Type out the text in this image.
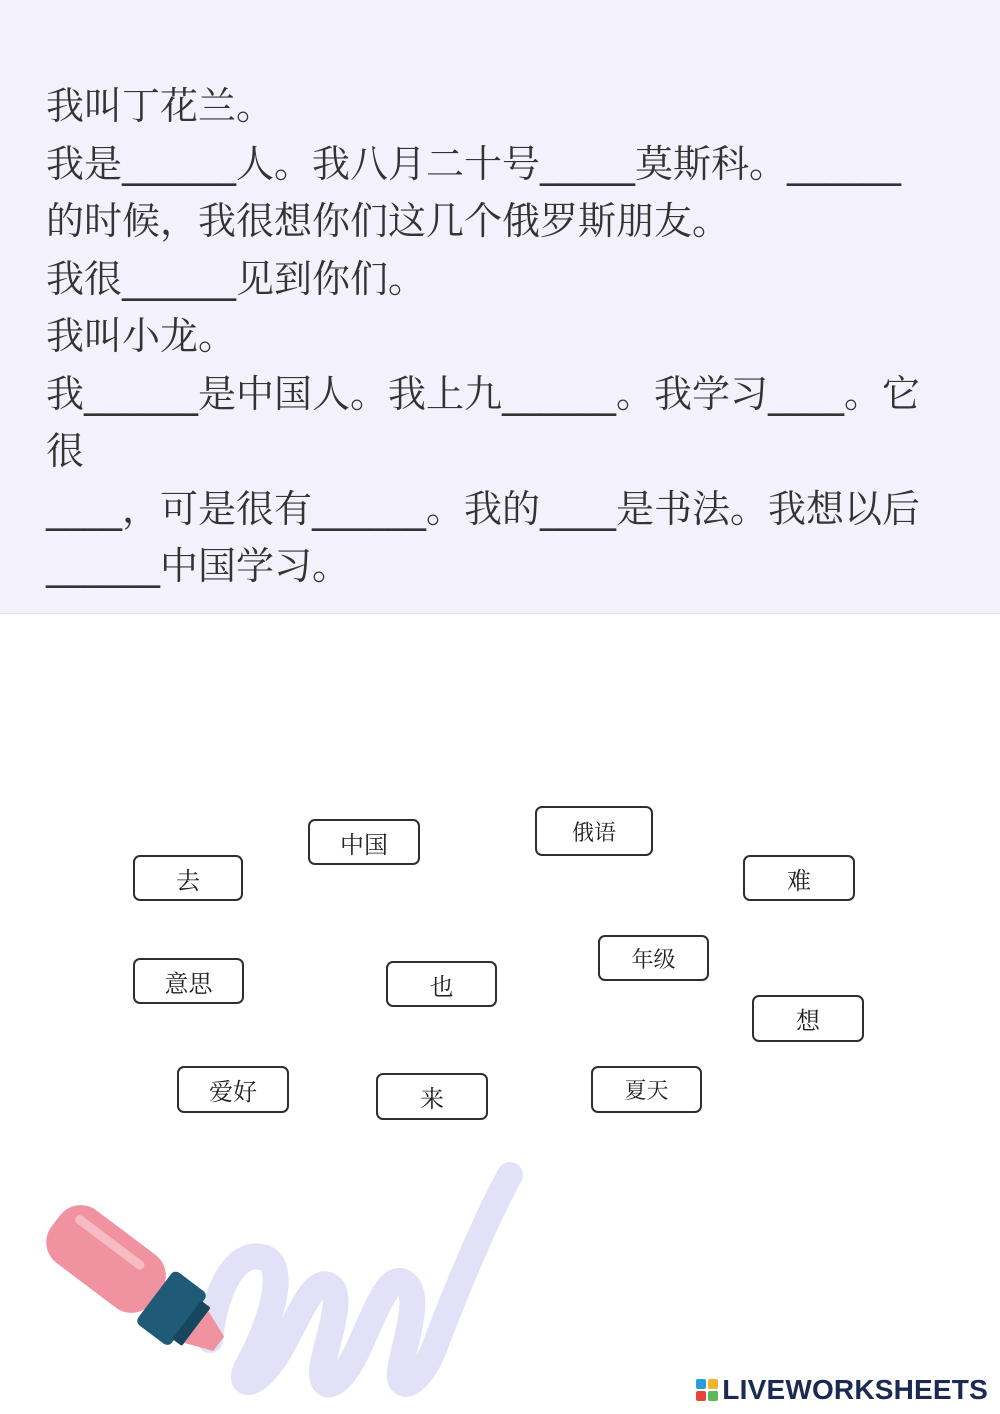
我叫丁花兰。
我是______人。我八月二十号_____莫斯科。______
的时候，我很想你们这几个俄罗斯朋友。
我很______见到你们。
我叫小龙。
我______是中国人。我上九______。我学习____。它
很
____，可是很有______。我的____是书法。我想以后
______中国学习。
去
中国	俄语
难
意思	也
年级
想
爱好	来	夏天
LIVEWORKSHEETS
